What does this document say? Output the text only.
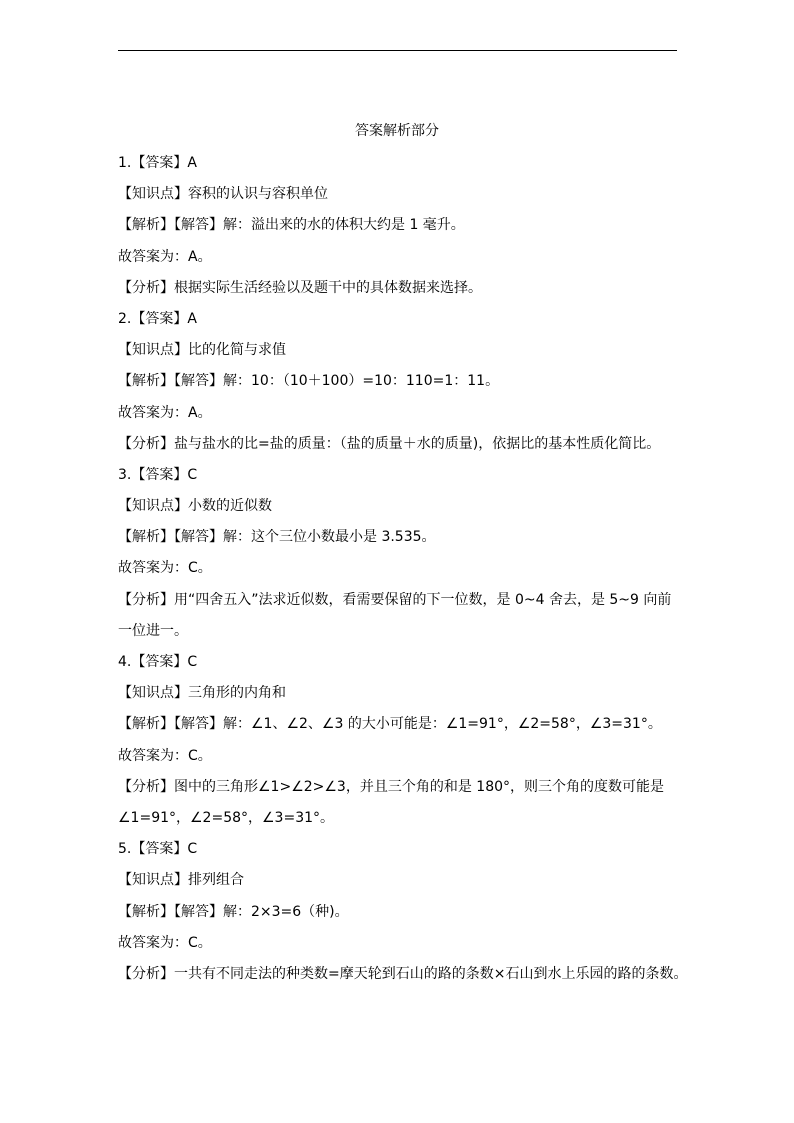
答案解析部分
1.【答案】A
【知识点】容积的认识与容积单位
【解析】【解答】解：溢出来的水的体积大约是 1 毫升。
故答案为：A。
【分析】根据实际生活经验以及题干中的具体数据来选择。
2.【答案】A
【知识点】比的化简与求值
【解析】【解答】解：10：（10＋100）=10：110=1：11。
故答案为：A。
【分析】盐与盐水的比=盐的质量：（盐的质量＋水的质量)，依据比的基本性质化简比。
3.【答案】C
【知识点】小数的近似数
【解析】【解答】解：这个三位小数最小是 3.535。
故答案为：C。
【分析】用“四舍五入”法求近似数，看需要保留的下一位数，是 0~4 舍去，是 5~9 向前
一位进一。
4.【答案】C
【知识点】三角形的内角和
【解析】【解答】解：∠1、∠2、∠3 的大小可能是：∠1=91°，∠2=58°，∠3=31°。
故答案为：C。
【分析】图中的三角形∠1>∠2>∠3，并且三个角的和是 180°，则三个角的度数可能是
∠1=91°，∠2=58°，∠3=31°。
5.【答案】C
【知识点】排列组合
【解析】【解答】解：2×3=6（种)。
故答案为：C。
【分析】一共有不同走法的种类数=摩天轮到石山的路的条数×石山到水上乐园的路的条数。
